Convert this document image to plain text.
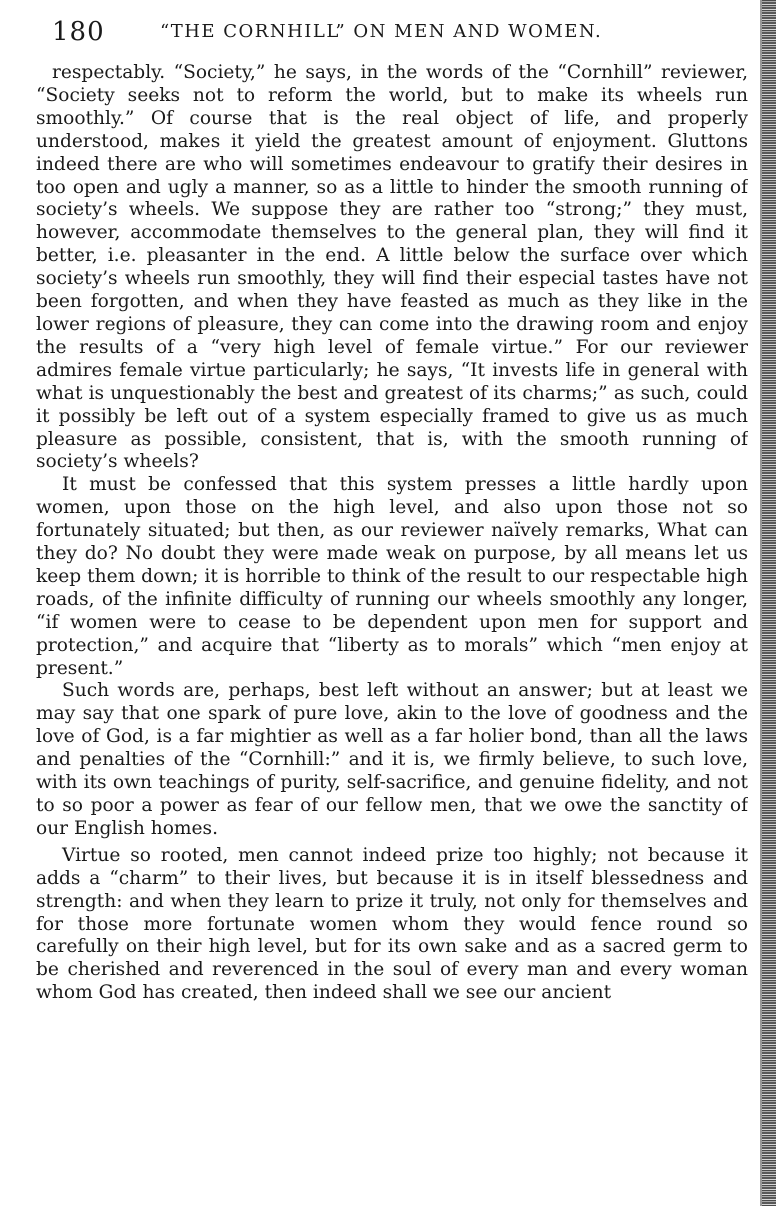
180	“THE CORNHILL” ON MEN AND WOMEN.

respectably. “Society,” he says, in the words of the “Cornhill” reviewer, “Society seeks not to reform the world, but to make its wheels run smoothly.” Of course that is the real object of life, and properly understood, makes it yield the greatest amount of enjoyment. Gluttons indeed there are who will sometimes endeavour to gratify their desires in too open and ugly a manner, so as a little to hinder the smooth running of society’s wheels. We suppose they are rather too “strong;” they must, however, accommodate themselves to the general plan, they will find it better, i.e. pleasanter in the end. A little below the surface over which society’s wheels run smoothly, they will find their especial tastes have not been forgotten, and when they have feasted as much as they like in the lower regions of pleasure, they can come into the drawing room and enjoy the results of a “very high level of female virtue.” For our reviewer admires female virtue particularly; he says, “It invests life in general with what is unquestionably the best and greatest of its charms;” as such, could it possibly be left out of a system especially framed to give us as much pleasure as possible, consistent, that is, with the smooth running of society’s wheels?

It must be confessed that this system presses a little hardly upon women, upon those on the high level, and also upon those not so fortunately situated; but then, as our reviewer naïvely remarks, What can they do? No doubt they were made weak on purpose, by all means let us keep them down; it is horrible to think of the result to our respectable high roads, of the infinite difficulty of running our wheels smoothly any longer, “if women were to cease to be dependent upon men for support and protection,” and acquire that “liberty as to morals” which “men enjoy at present.”

Such words are, perhaps, best left without an answer; but at least we may say that one spark of pure love, akin to the love of goodness and the love of God, is a far mightier as well as a far holier bond, than all the laws and penalties of the “Cornhill:” and it is, we firmly believe, to such love, with its own teachings of purity, self-sacrifice, and genuine fidelity, and not to so poor a power as fear of our fellow men, that we owe the sanctity of our English homes.

Virtue so rooted, men cannot indeed prize too highly; not because it adds a “charm” to their lives, but because it is in itself blessedness and strength: and when they learn to prize it truly, not only for themselves and for those more fortunate women whom they would fence round so carefully on their high level, but for its own sake and as a sacred germ to be cherished and reverenced in the soul of every man and every woman whom God has created, then indeed shall we see our ancient
